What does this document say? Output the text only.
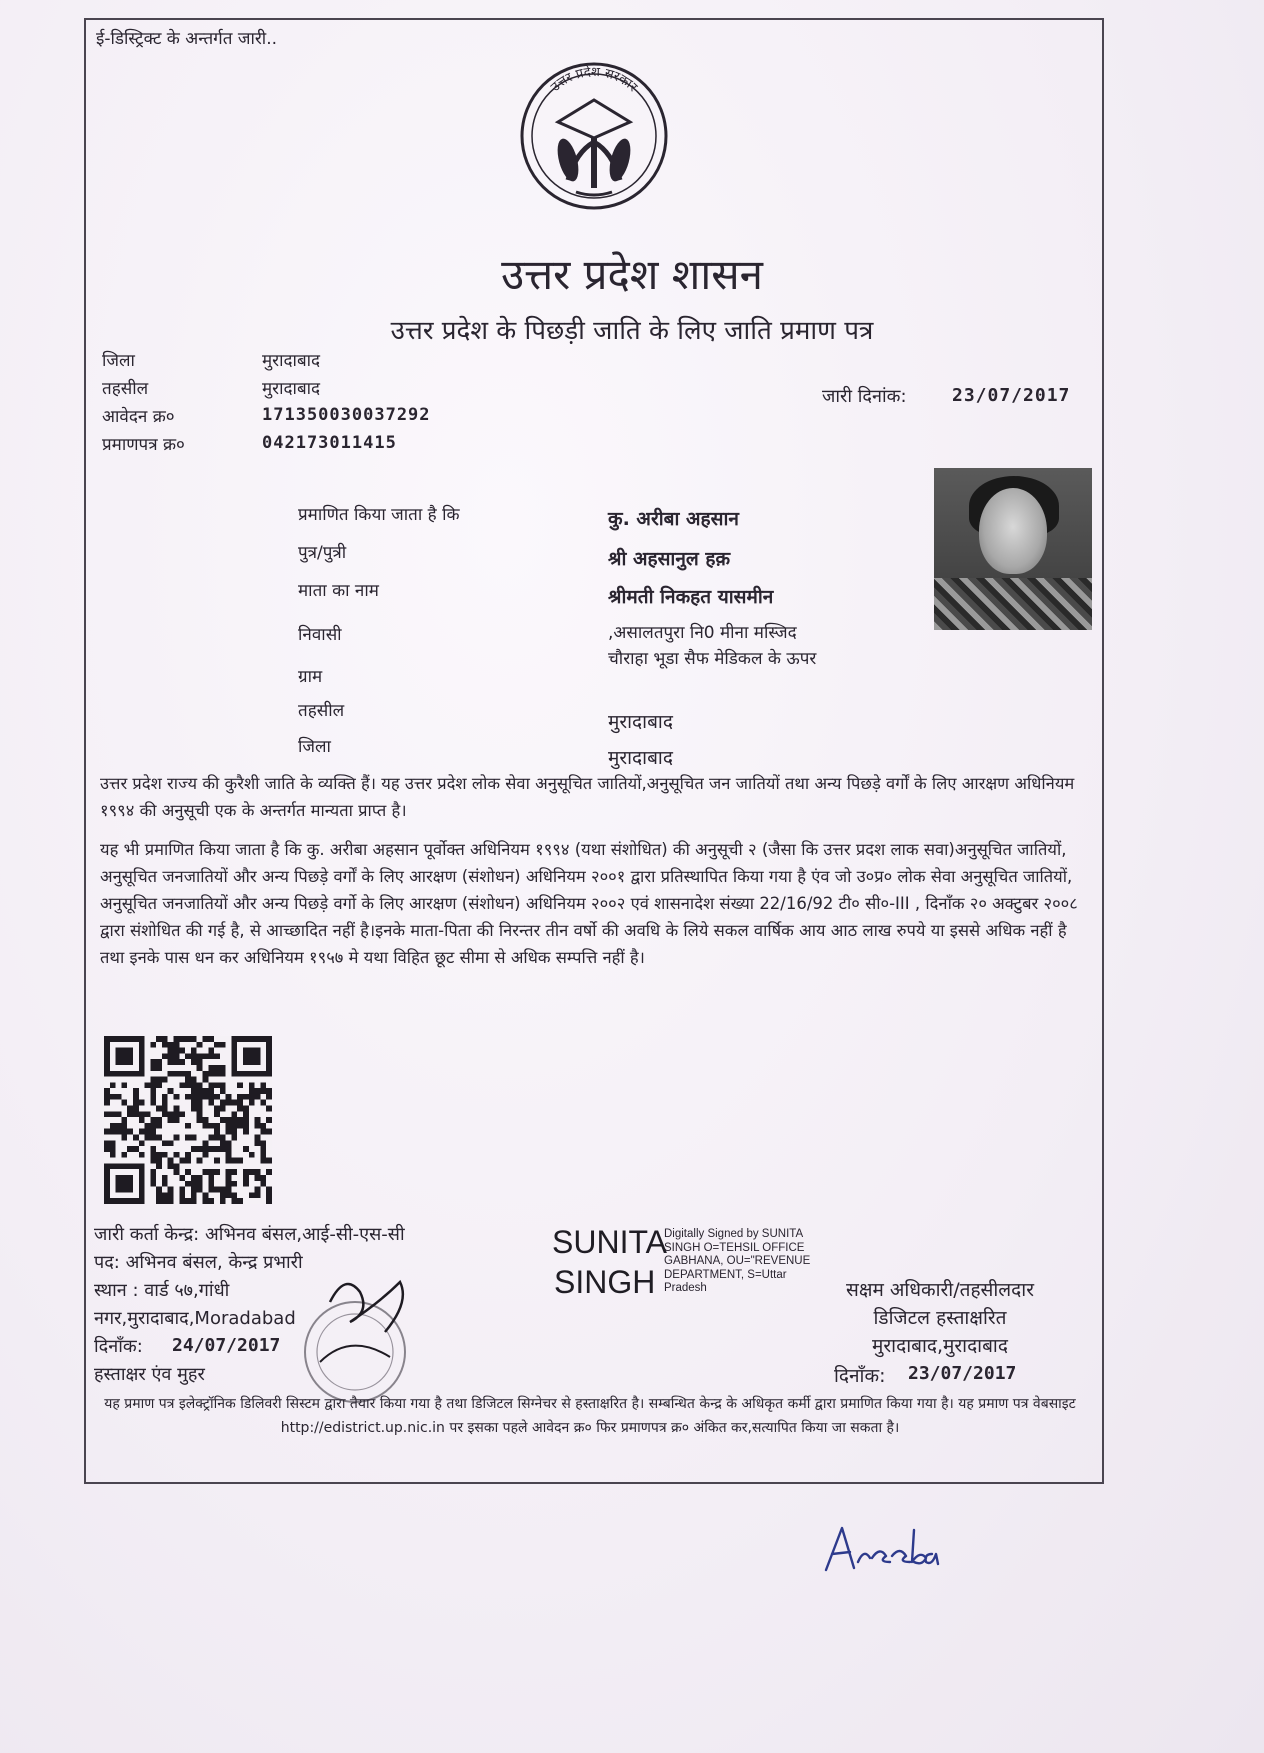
ई-डिस्ट्रिक्ट के अन्तर्गत जारी..
उत्तर प्रदेश सरकार
उत्तर प्रदेश शासन
उत्तर प्रदेश के पिछड़ी जाति के लिए जाति प्रमाण पत्र
जिला	मुरादाबाद
तहसील	मुरादाबाद
आवेदन क्र०	171350030037292
प्रमाणपत्र क्र०	042173011415
जारी दिनांक:	23/07/2017
प्रमाणित किया जाता है कि	कु. अरीबा अहसान
पुत्र/पुत्री	श्री अहसानुल हक़
माता का नाम	श्रीमती निकहत यासमीन
निवासी	,असालतपुरा नि0 मीना मस्जिद
चौराहा भूडा सैफ मेडिकल के ऊपर
ग्राम
तहसील	मुरादाबाद
जिला	मुरादाबाद
उत्तर प्रदेश राज्य की कुरैशी जाति के व्यक्ति हैं। यह उत्तर प्रदेश लोक सेवा अनुसूचित जातियों,अनुसूचित जन जातियों तथा अन्य पिछड़े वर्गों के लिए आरक्षण अधिनियम १९९४ की अनुसूची एक के अन्तर्गत मान्यता प्राप्त है।
यह भी प्रमाणित किया जाता है कि कु. अरीबा अहसान पूर्वोक्त अधिनियम १९९४ (यथा संशोधित) की अनुसूची २ (जैसा कि उत्तर प्रदश लाक सवा)अनुसूचित जातियों, अनुसूचित जनजातियों और अन्य पिछड़े वर्गों के लिए आरक्षण (संशोधन) अधिनियम २००१ द्वारा प्रतिस्थापित किया गया है एंव जो उ०प्र० लोक सेवा अनुसूचित जातियों, अनुसूचित जनजातियों और अन्य पिछड़े वर्गो के लिए आरक्षण (संशोधन) अधिनियम २००२ एवं शासनादेश संख्या 22/16/92 टी० सी०-III , दिनाँक २० अक्टुबर २००८ द्वारा संशोधित की गई है, से आच्छादित नहीं है।इनके माता-पिता की निरन्तर तीन वर्षो की अवधि के लिये सकल वार्षिक आय आठ लाख रुपये या इससे अधिक नहीं है तथा इनके पास धन कर अधिनियम १९५७ मे यथा विहित छूट सीमा से अधिक सम्पत्ति नहीं है।
जारी कर्ता केन्द्र: अभिनव बंसल,आई-सी-एस-सी
पद: अभिनव बंसल, केन्द्र प्रभारी
स्थान : वार्ड ५७,गांधी
नगर,मुरादाबाद,Moradabad
दिनाँक: 24/07/2017
हस्ताक्षर एंव मुहर
SUNITA
SINGH
Digitally Signed by SUNITA SINGH O=TEHSIL OFFICE GABHANA, OU="REVENUE DEPARTMENT, S=Uttar Pradesh	सक्षम अधिकारी/तहसीलदार
डिजिटल हस्ताक्षरित
मुरादाबाद,मुरादाबाद
दिनाँक: 23/07/2017
यह प्रमाण पत्र इलेक्ट्रॉनिक डिलिवरी सिस्टम द्वारा तैयार किया गया है तथा डिजिटल सिग्नेचर से हस्ताक्षरित है। सम्बन्धित केन्द्र के अधिकृत कर्मी द्वारा प्रमाणित किया गया है। यह प्रमाण पत्र वेबसाइट http://edistrict.up.nic.in पर इसका पहले आवेदन क्र० फिर प्रमाणपत्र क्र० अंकित कर,सत्यापित किया जा सकता है।
